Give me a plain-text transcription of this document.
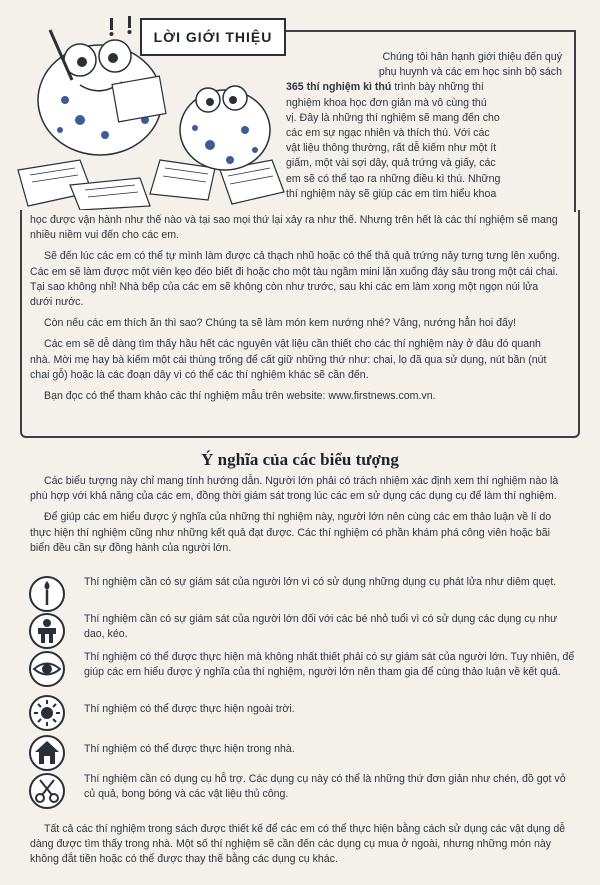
LỜI GIỚI THIỆU

Chúng tôi hân hạnh giới thiệu đến quý

phụ huynh và các em học sinh bộ sách

365 thí nghiệm kì thú trình bày những thí

nghiệm khoa học đơn giản mà vô cùng thú

vị. Đây là những thí nghiệm sẽ mang đến cho

các em sự ngạc nhiên và thích thú. Với các

vật liệu thông thường, rất dễ kiếm như một ít

giấm, một vài sợi dây, quả trứng và giấy, các

em sẽ có thể tạo ra những điều kì thú. Những

thí nghiệm này sẽ giúp các em tìm hiểu khoa

học được vận hành như thế nào và tại sao mọi thứ lại xảy ra như thế. Nhưng trên hết là các thí nghiệm sẽ mang nhiều niềm vui đến cho các em.

Sẽ đến lúc các em có thể tự mình làm được cả thạch nhũ hoặc có thể thả quả trứng nảy tưng tưng lên xuống. Các em sẽ làm được một viên kẹo đéo biết đi hoặc cho một tàu ngầm mini lặn xuống đáy sâu trong một cái chai. Tại sao không nhỉ! Nhà bếp của các em sẽ không còn như trước, sau khi các em làm xong một ngọn núi lửa dưới nước.

Còn nếu các em thích ăn thì sao? Chúng ta sẽ làm món kem nướng nhé? Vâng, nướng hẳn hoi đấy!

Các em sẽ dễ dàng tìm thấy hầu hết các nguyên vật liệu cần thiết cho các thí nghiệm này ở đâu đó quanh nhà. Mời mẹ hay bà kiếm một cái thùng trống để cất giữ những thứ như: chai, lọ đã qua sử dụng, nút bần (nút chai gỗ) hoặc là các đoạn dây vì có thể các thí nghiệm khác sẽ cần đến.

Bạn đọc có thể tham khảo các thí nghiệm mẫu trên website: www.firstnews.com.vn.

Ý nghĩa của các biểu tượng

Các biểu tượng này chỉ mang tính hướng dẫn. Người lớn phải có trách nhiệm xác định xem thí nghiệm nào là phù hợp với khả năng của các em, đồng thời giám sát trong lúc các em sử dụng các dụng cụ để làm thí nghiệm.

Để giúp các em hiểu được ý nghĩa của những thí nghiệm này, người lớn nên cùng các em thảo luận về lí do thực hiện thí nghiệm cũng như những kết quả đạt được. Các thí nghiệm có phần khám phá công viên hoặc bãi biển đều cần sự đồng hành của người lớn.

Thí nghiệm cần có sự giám sát của người lớn vì có sử dụng những dụng cụ phát lửa như diêm quẹt.

Thí nghiệm cần có sự giám sát của người lớn đối với các bé nhỏ tuổi vì có sử dụng các dụng cụ như dao, kéo.

Thí nghiệm có thể được thực hiện mà không nhất thiết phải có sự giám sát của người lớn. Tuy nhiên, để giúp các em hiểu được ý nghĩa của thí nghiệm, người lớn nên tham gia để cùng thảo luận về kết quả.

Thí nghiệm có thể được thực hiện ngoài trời.

Thí nghiệm có thể được thực hiện trong nhà.

Thí nghiệm cần có dụng cụ hỗ trợ. Các dụng cụ này có thể là những thứ đơn giản như chén, đồ gọt vỏ củ quả, bong bóng và các vật liệu thủ công.

Tất cả các thí nghiệm trong sách được thiết kế để các em có thể thực hiện bằng cách sử dụng các vật dụng dễ dàng được tìm thấy trong nhà. Một số thí nghiệm sẽ cần đến các dụng cụ mua ở ngoài, nhưng những món này không đắt tiền hoặc có thể được thay thế bằng các dụng cụ khác.
